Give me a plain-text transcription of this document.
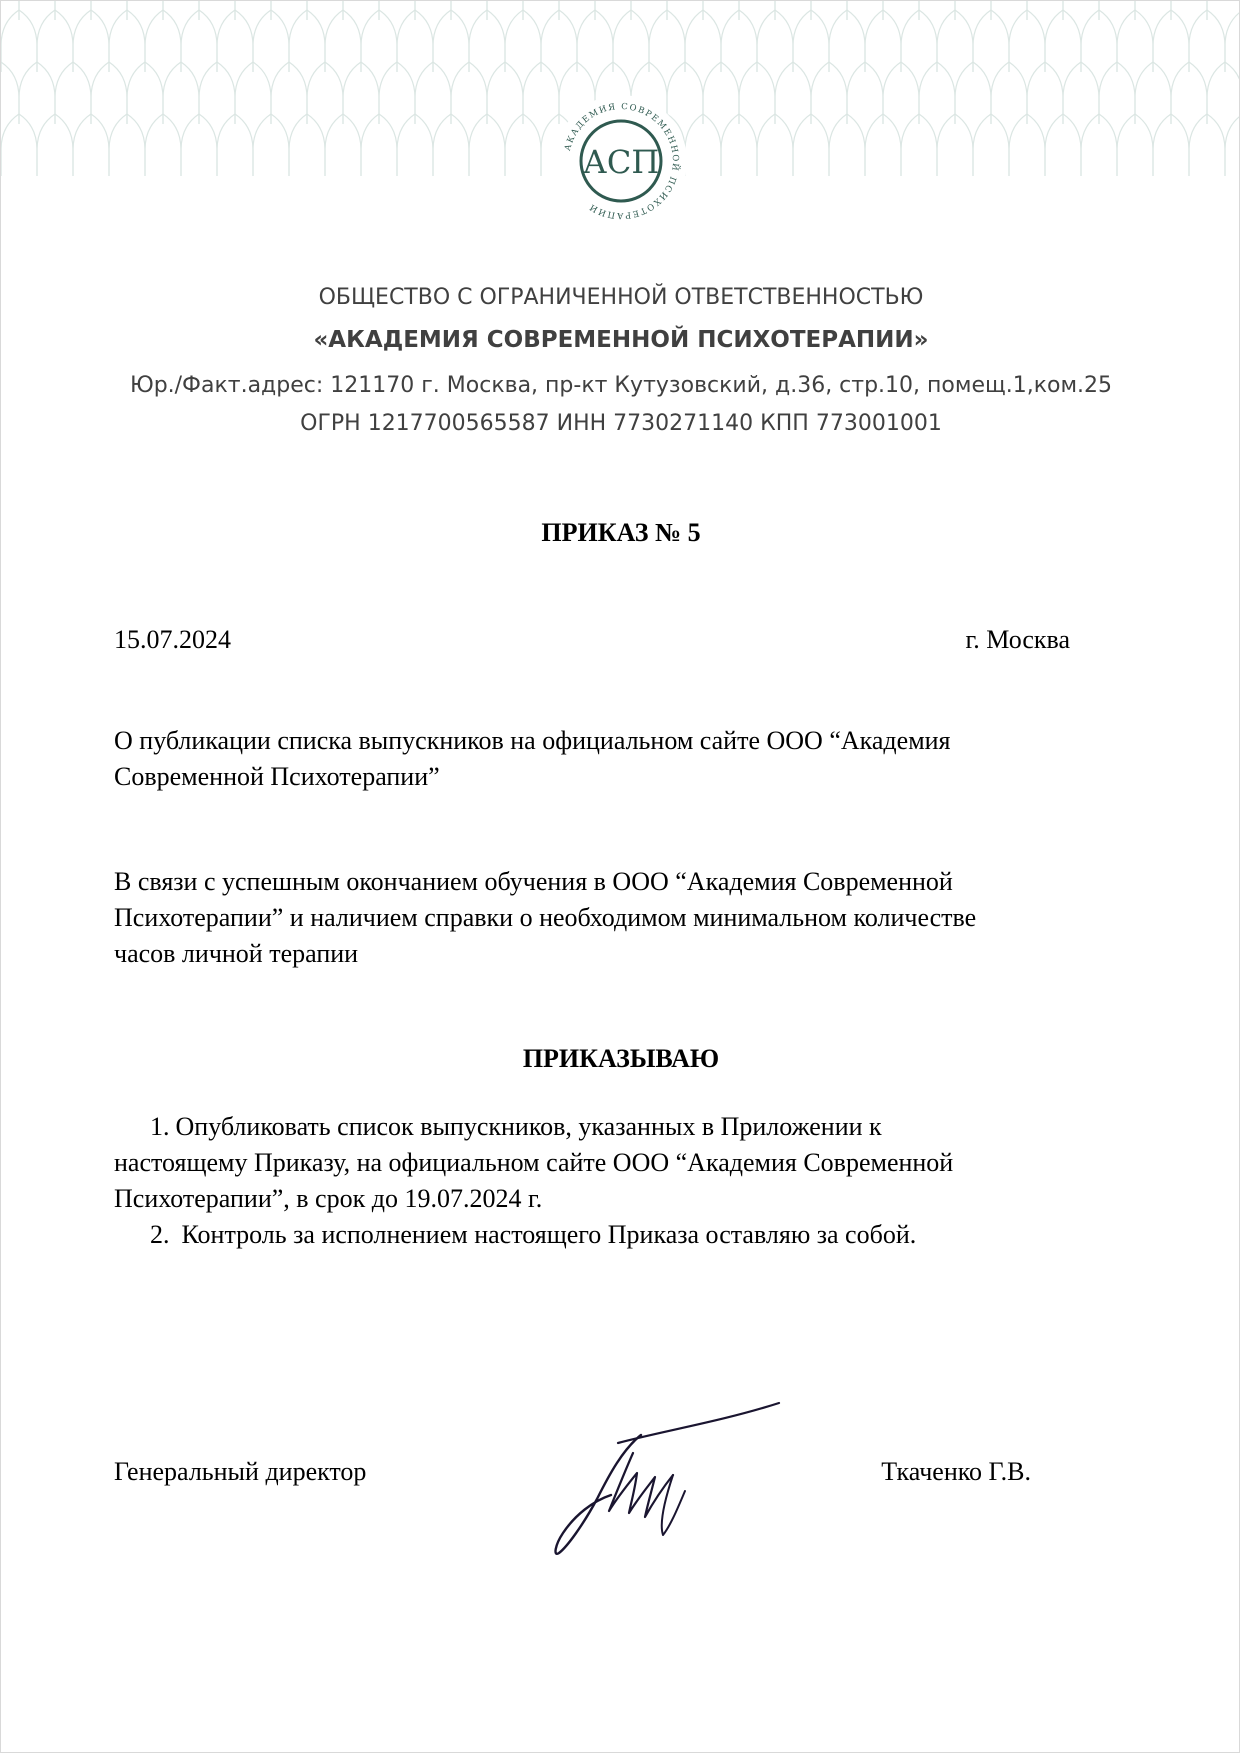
АКАДЕМИЯ СОВРЕМЕННОЙ ПСИХОТЕРАПИИ
АСП
ОБЩЕСТВО С ОГРАНИЧЕННОЙ ОТВЕТСТВЕННОСТЬЮ
«АКАДЕМИЯ СОВРЕМЕННОЙ ПСИХОТЕРАПИИ»
Юр./Факт.адрес: 121170 г. Москва, пр-кт Кутузовский, д.36, стр.10, помещ.1,ком.25
ОГРН 1217700565587 ИНН 7730271140 КПП 773001001
ПРИКАЗ № 5
15.07.2024	г. Москва
О публикации списка выпускников на официальном сайте ООО “Академия
Современной Психотерапии”
В связи с успешным окончанием обучения в ООО “Академия Современной
Психотерапии” и наличием справки о необходимом минимальном количестве
часов личной терапии
ПРИКАЗЫВАЮ
1. Опубликовать список выпускников, указанных в Приложении к
настоящему Приказу, на официальном сайте ООО “Академия Современной
Психотерапии”, в срок до 19.07.2024 г.
2. Контроль за исполнением настоящего Приказа оставляю за собой.
Генеральный директор	Ткаченко Г.В.
